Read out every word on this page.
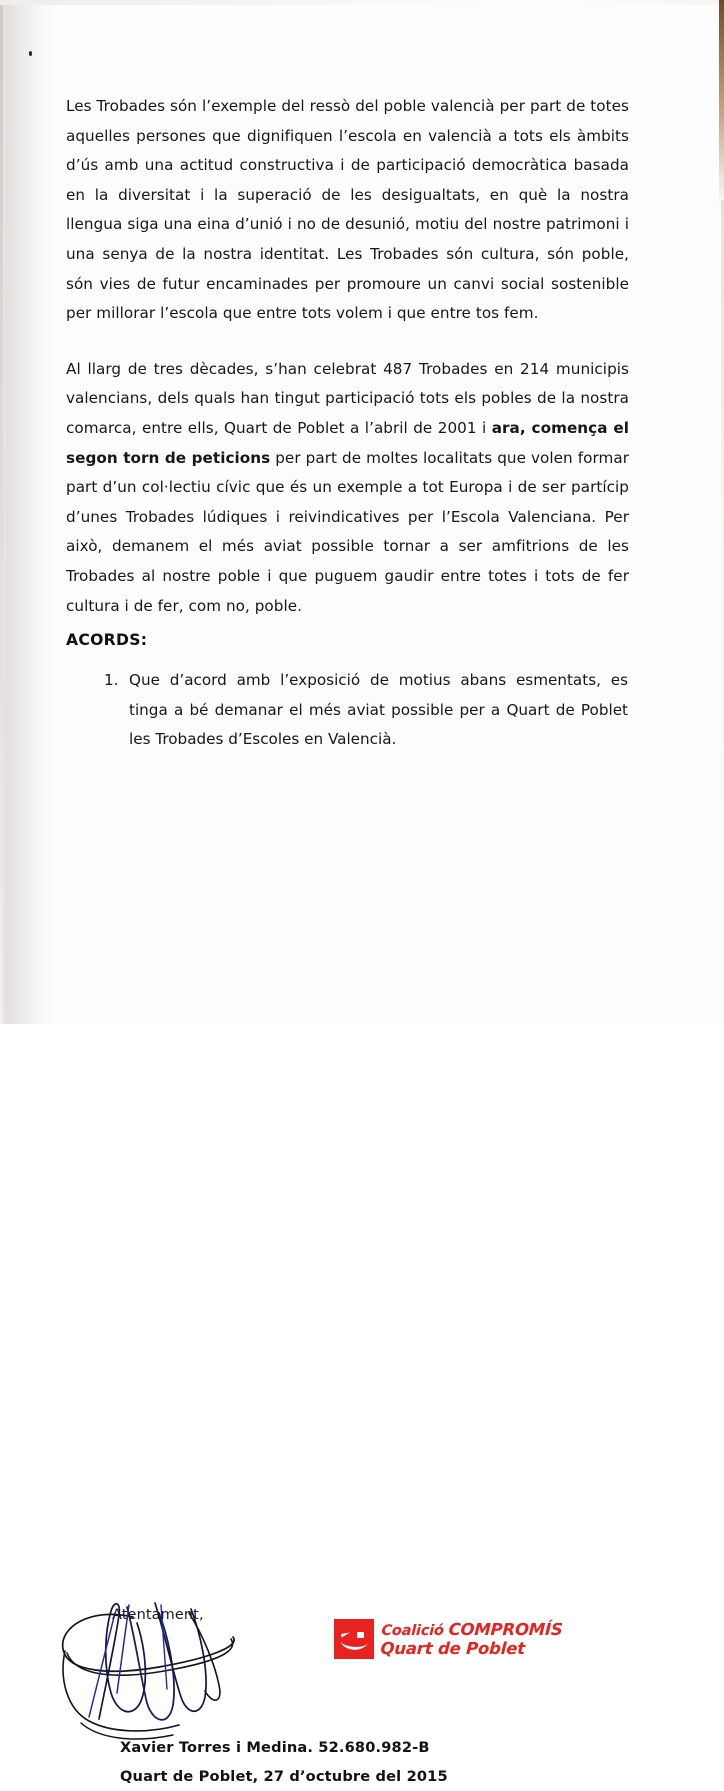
Les Trobades són l’exemple del ressò del poble valencià per part de totes aquelles persones que dignifiquen l’escola en valencià a tots els àmbits d’ús amb una actitud constructiva i de participació democràtica basada en la diversitat i la superació de les desigualtats, en què la nostra llengua siga una eina d’unió i no de desunió, motiu del nostre patrimoni i una senya de la nostra identitat. Les Trobades són cultura, són poble, són vies de futur encaminades per promoure un canvi social sostenible per millorar l’escola que entre tots volem i que entre tos fem.

Al llarg de tres dècades, s’han celebrat 487 Trobades en 214 municipis valencians, dels quals han tingut participació tots els pobles de la nostra comarca, entre ells, Quart de Poblet a l’abril de 2001 i ara, comença el segon torn de peticions per part de moltes localitats que volen formar part d’un col·lectiu cívic que és un exemple a tot Europa i de ser partícip d’unes Trobades lúdiques i reivindicatives per l’Escola Valenciana. Per això, demanem el més aviat possible tornar a ser amfitrions de les Trobades al nostre poble i que puguem gaudir entre totes i tots de fer cultura i de fer, com no, poble.

ACORDS:
1. Que d’acord amb l’exposició de motius abans esmentats, es tinga a bé demanar el més aviat possible per a Quart de Poblet les Trobades d’Escoles en Valencià.
Atentament,
Coalició COMPROMÍS
Quart de Poblet
Xavier Torres i Medina. 52.680.982-B
Quart de Poblet, 27 d’octubre del 2015
